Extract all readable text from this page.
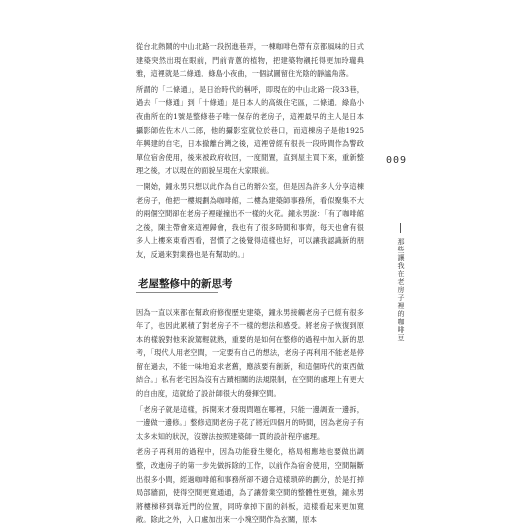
從台北熱鬧的中山北路一段拐進巷弄，一棟咖啡色帶有京都風味的日式建築突然出現在眼前，門前青蔥的植物，把建築物襯托得更加玲瓏典雅，這裡就是二條通．綠島小夜曲，一個試圖留住光陰的靜謐角落。

所謂的「二條通」，是日治時代的稱呼，即現在的中山北路一段33巷，過去「一條通」到「十條通」是日本人的高級住宅區，二條通．綠島小夜曲所在的1號是整條巷子唯一保存的老房子，這裡最早的主人是日本攝影師佐佐木八二郎，他的攝影室就位於巷口，而這棟房子是他1925年興建的自宅，日本撤離台灣之後，這裡曾經有很長一段時間作為警政單位宿舍使用，後來被政府收回，一度閒置，直到屋主買下來，重新整理之後，才以現在的面貌呈現在大家眼前。

一開始，鐘永男只想以此作為自己的辦公室，但是因為許多人分享這棟老房子，他把一樓規劃為咖啡館，二樓為建築師事務所，看似聚集不大的兩個空間卻在老房子裡碰撞出不一樣的火花。鐘永男說：「有了咖啡館之後，陳主帶會來這裡歸會，我也有了很多時間和事齊，每天也會有很多人上樓來東看西看，習慣了之後覺得這樣也好，可以讓我認識新的朋友，反過來對業務也是有幫助的。」

老屋整修中的新思考

因為一直以來都在幫政府修復歷史建築，鐘永男接觸老房子已經有很多年了，也因此累積了對老房子不一樣的想法和感受。將老房子恢復到原本的樣貌對他來說駕輕就熟，重要的是如何在整修的過程中加入新的思考，「現代人用老空間，一定要有自己的想法，老房子再利用不能老是停留在過去，不能一味地追求老舊，應該要有創新，和這個時代的東西做結合。」私有老宅因為沒有古蹟相關的法規限制，在空間的處理上有更大的自由度，這就給了設計師很大的發揮空間。

「老房子就是這樣，拆開來才發現問題在哪裡，只能一邊調查一邊拆，一邊做一邊修。」整修這間老房子花了將近四個月的時間，因為老房子有太多未知的狀況，沒辦法按照建築師一貫的設計程序處理。

老房子再利用的過程中，因為功能發生變化，格局相應地也要做出調整，改進房子的第一步先做拆除的工作，以前作為宿舍使用，空間隔斷出很多小間，經過咖啡館和事務所卻不適合這樣瑣碎的劃分，於是打掉局部牆面，使得空間更寬通通，為了讓營業空間的整體性更強，鐘永男將樓梯移到靠近門的位置，同時拿掉下面的斜板，這樣看起來更加寬敞。除此之外，入口處加出來一小塊空間作為玄關，原本

009
那些讓我在老房子裡的咖啡豆
